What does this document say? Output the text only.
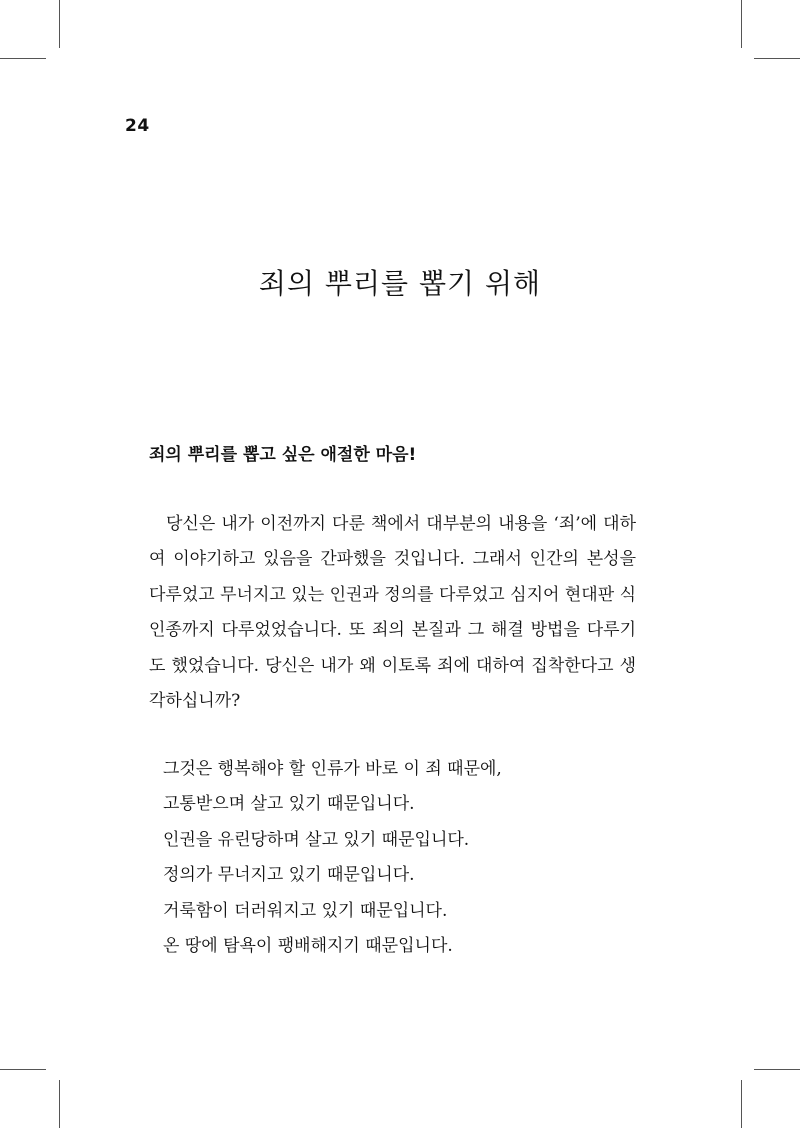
24
죄의 뿌리를 뽑기 위해
죄의 뿌리를 뽑고 싶은 애절한 마음!

당신은 내가 이전까지 다룬 책에서 대부분의 내용을 ‘죄’에 대하여 이야기하고 있음을 간파했을 것입니다. 그래서 인간의 본성을 다루었고 무너지고 있는 인권과 정의를 다루었고 심지어 현대판 식인종까지 다루었었습니다. 또 죄의 본질과 그 해결 방법을 다루기도 했었습니다. 당신은 내가 왜 이토록 죄에 대하여 집착한다고 생각하십니까?

그것은 행복해야 할 인류가 바로 이 죄 때문에,
고통받으며 살고 있기 때문입니다.
인권을 유린당하며 살고 있기 때문입니다.
정의가 무너지고 있기 때문입니다.
거룩함이 더러워지고 있기 때문입니다.
온 땅에 탐욕이 팽배해지기 때문입니다.
